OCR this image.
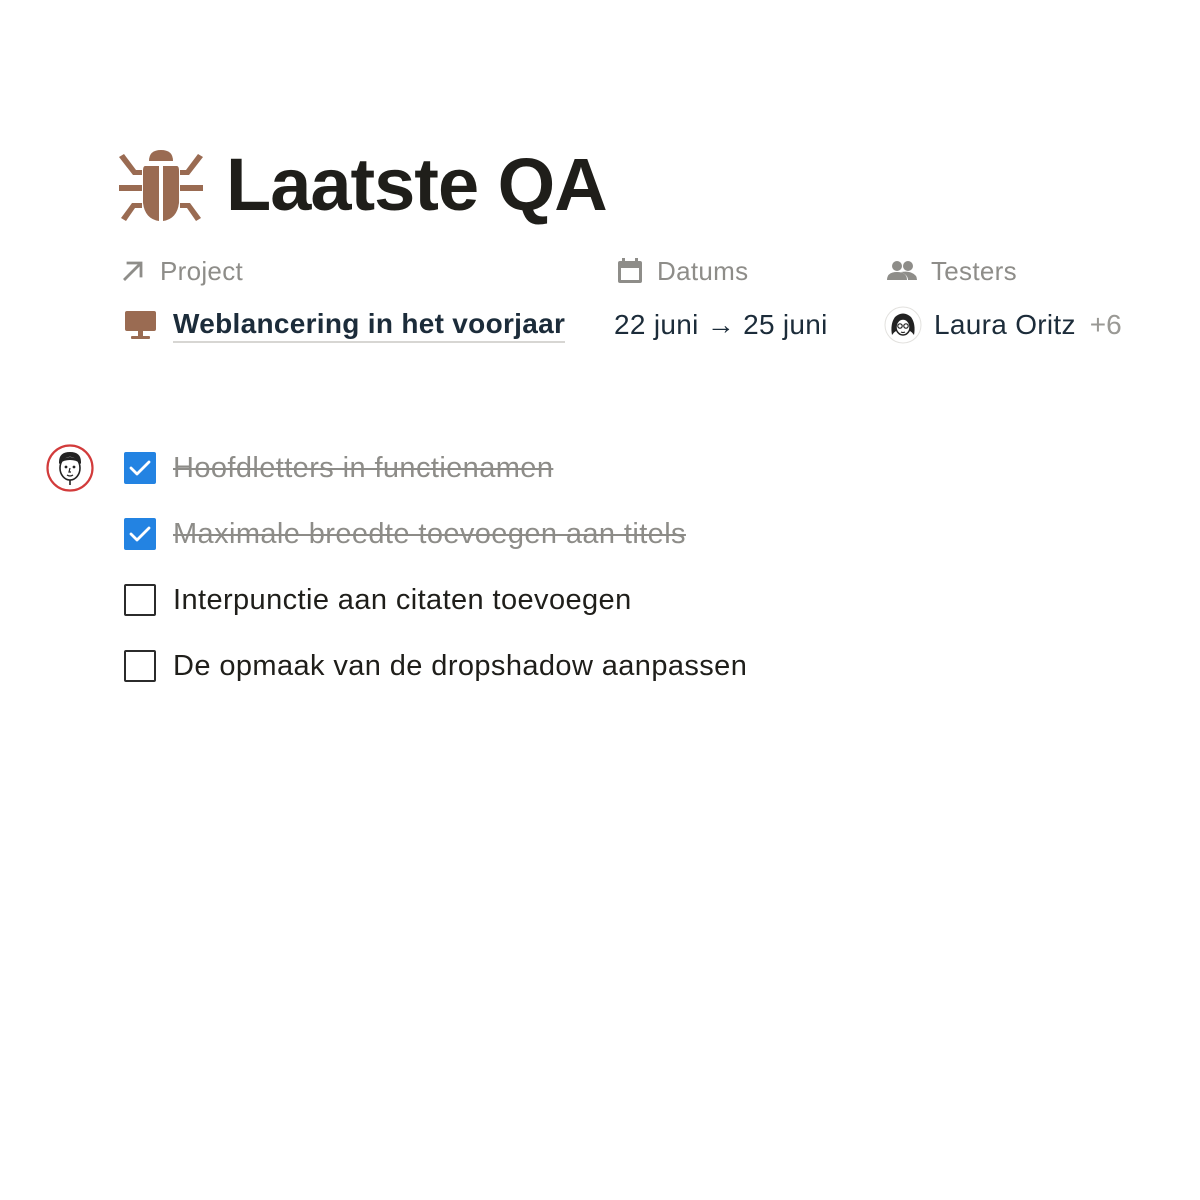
Laatste QA
Project
Weblancering in het voorjaar
Datums
22 juni → 25 juni
Testers
Laura Oritz +6
Hoofdletters in functienamen
Maximale breedte toevoegen aan titels
Interpunctie aan citaten toevoegen
De opmaak van de dropshadow aanpassen
